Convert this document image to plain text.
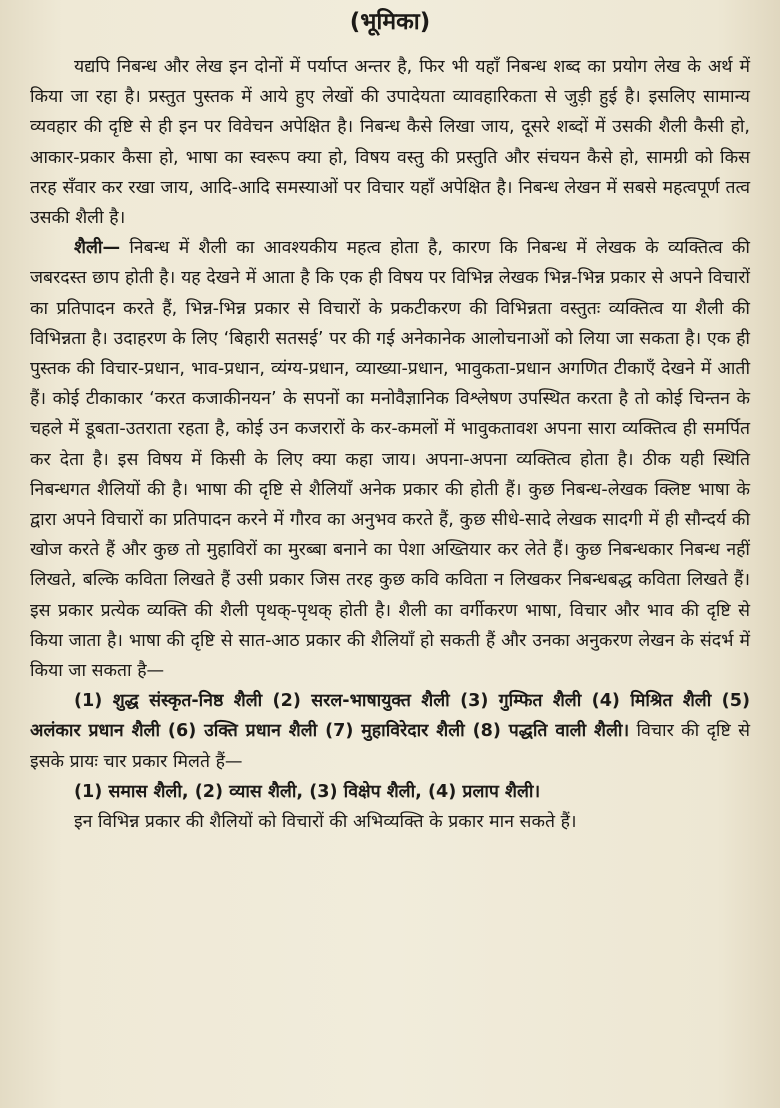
(भूमिका)

यद्यपि निबन्ध और लेख इन दोनों में पर्याप्त अन्तर है, फिर भी यहाँ निबन्ध शब्द का प्रयोग लेख के अर्थ में किया जा रहा है। प्रस्तुत पुस्तक में आये हुए लेखों की उपादेयता व्यावहारिकता से जुड़ी हुई है। इसलिए सामान्य व्यवहार की दृष्टि से ही इन पर विवेचन अपेक्षित है। निबन्ध कैसे लिखा जाय, दूसरे शब्दों में उसकी शैली कैसी हो, आकार-प्रकार कैसा हो, भाषा का स्वरूप क्या हो, विषय वस्तु की प्रस्तुति और संचयन कैसे हो, सामग्री को किस तरह सँवार कर रखा जाय, आदि-आदि समस्याओं पर विचार यहाँ अपेक्षित है। निबन्ध लेखन में सबसे महत्वपूर्ण तत्व उसकी शैली है।

शैली— निबन्ध में शैली का आवश्यकीय महत्व होता है, कारण कि निबन्ध में लेखक के व्यक्तित्व की जबरदस्त छाप होती है। यह देखने में आता है कि एक ही विषय पर विभिन्न लेखक भिन्न-भिन्न प्रकार से अपने विचारों का प्रतिपादन करते हैं, भिन्न-भिन्न प्रकार से विचारों के प्रकटीकरण की विभिन्नता वस्तुतः व्यक्तित्व या शैली की विभिन्नता है। उदाहरण के लिए ‘बिहारी सतसई’ पर की गई अनेकानेक आलोचनाओं को लिया जा सकता है। एक ही पुस्तक की विचार-प्रधान, भाव-प्रधान, व्यंग्य-प्रधान, व्याख्या-प्रधान, भावुकता-प्रधान अगणित टीकाएँ देखने में आती हैं। कोई टीकाकार ‘करत कजाकीनयन’ के सपनों का मनोवैज्ञानिक विश्लेषण उपस्थित करता है तो कोई चिन्तन के चहले में डूबता-उतराता रहता है, कोई उन कजरारों के कर-कमलों में भावुकतावश अपना सारा व्यक्तित्व ही समर्पित कर देता है। इस विषय में किसी के लिए क्या कहा जाय। अपना-अपना व्यक्तित्व होता है। ठीक यही स्थिति निबन्धगत शैलियों की है। भाषा की दृष्टि से शैलियाँ अनेक प्रकार की होती हैं। कुछ निबन्ध-लेखक क्लिष्ट भाषा के द्वारा अपने विचारों का प्रतिपादन करने में गौरव का अनुभव करते हैं, कुछ सीधे-सादे लेखक सादगी में ही सौन्दर्य की खोज करते हैं और कुछ तो मुहाविरों का मुरब्बा बनाने का पेशा अख्तियार कर लेते हैं। कुछ निबन्धकार निबन्ध नहीं लिखते, बल्कि कविता लिखते हैं उसी प्रकार जिस तरह कुछ कवि कविता न लिखकर निबन्धबद्ध कविता लिखते हैं। इस प्रकार प्रत्येक व्यक्ति की शैली पृथक्-पृथक् होती है। शैली का वर्गीकरण भाषा, विचार और भाव की दृष्टि से किया जाता है। भाषा की दृष्टि से सात-आठ प्रकार की शैलियाँ हो सकती हैं और उनका अनुकरण लेखन के संदर्भ में किया जा सकता है—

(1) शुद्ध संस्कृत-निष्ठ शैली (2) सरल-भाषायुक्त शैली (3) गुम्फित शैली (4) मिश्रित शैली (5) अलंकार प्रधान शैली (6) उक्ति प्रधान शैली (7) मुहाविरेदार शैली (8) पद्धति वाली शैली। विचार की दृष्टि से इसके प्रायः चार प्रकार मिलते हैं—

(1) समास शैली, (2) व्यास शैली, (3) विक्षेप शैली, (4) प्रलाप शैली।

इन विभिन्न प्रकार की शैलियों को विचारों की अभिव्यक्ति के प्रकार मान सकते हैं।
